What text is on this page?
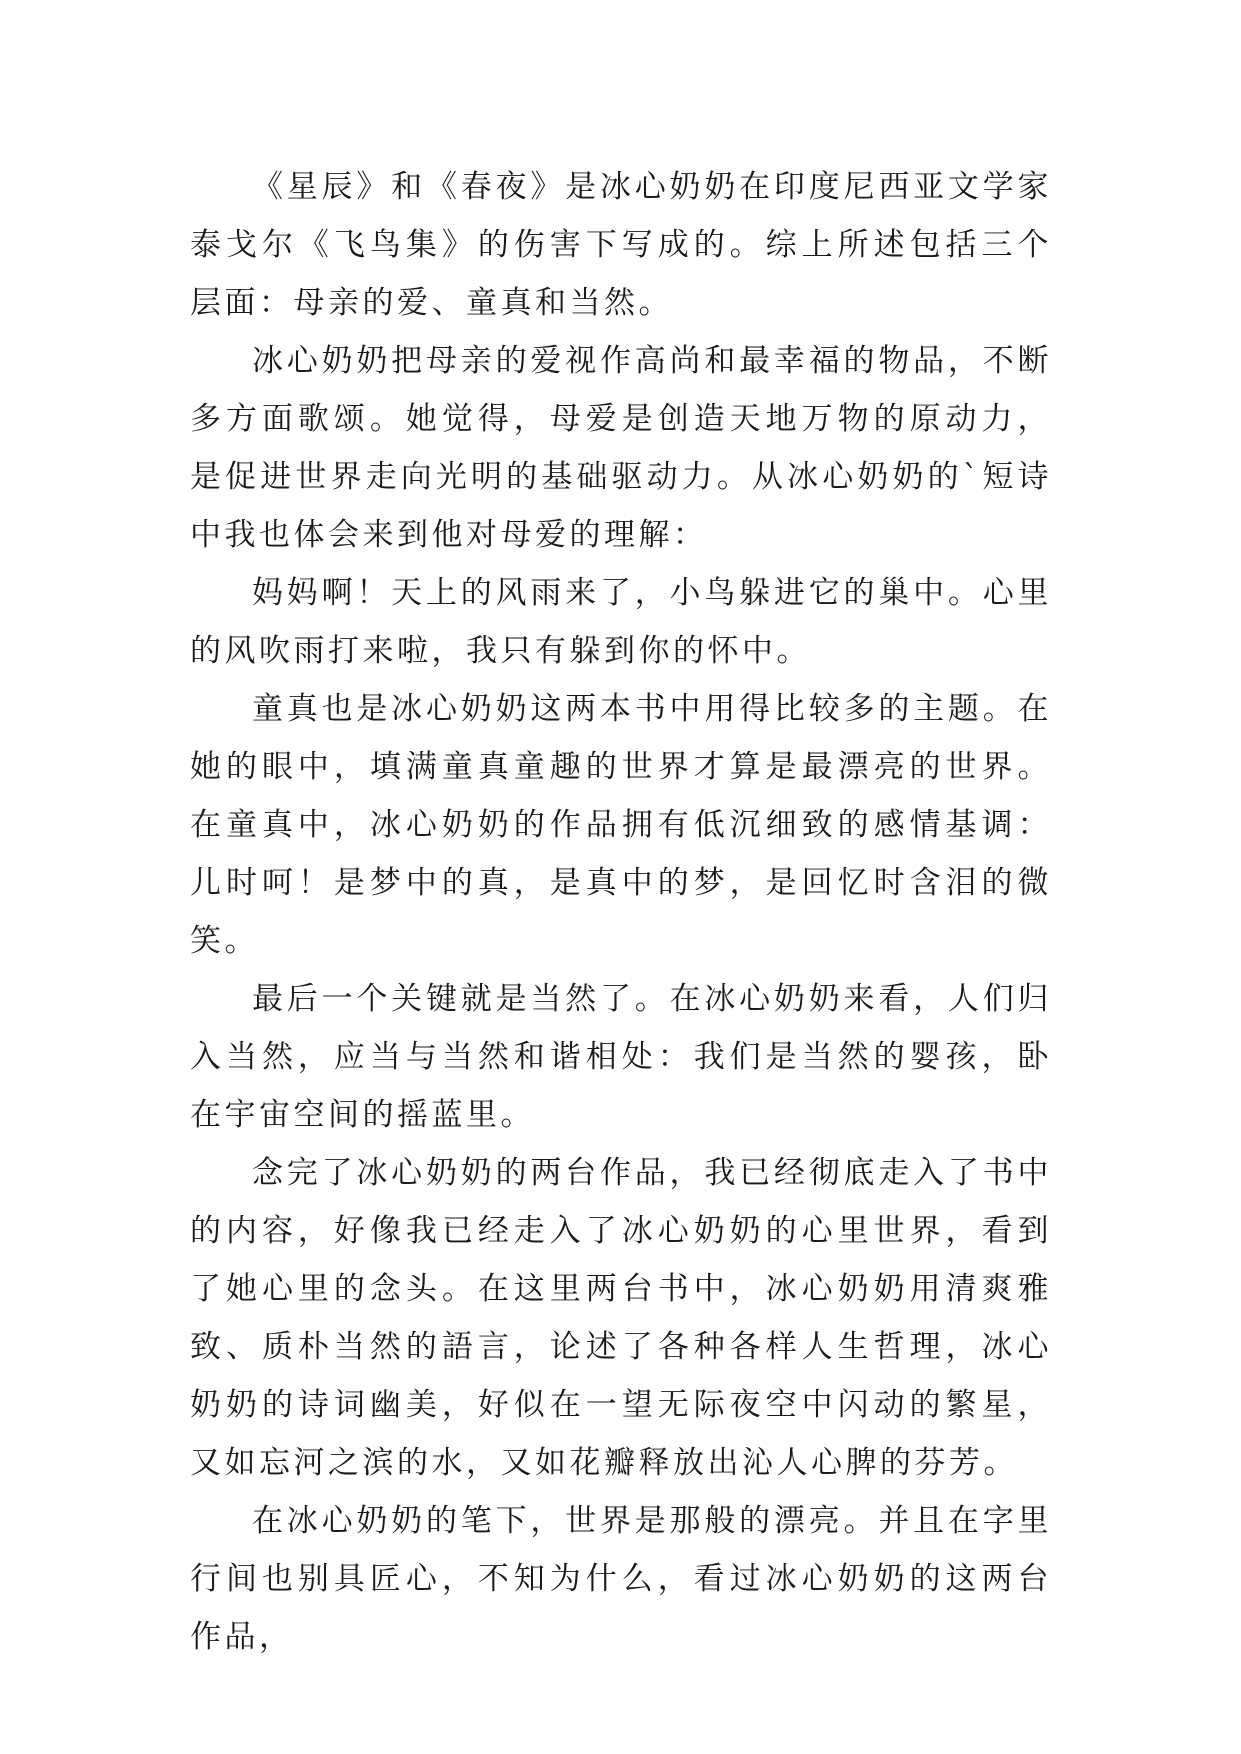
《星辰》和《春夜》是冰心奶奶在印度尼西亚文学家泰戈尔《飞鸟集》的伤害下写成的。综上所述包括三个层面：母亲的爱、童真和当然。

冰心奶奶把母亲的爱视作高尚和最幸福的物品，不断多方面歌颂。她觉得，母爱是创造天地万物的原动力，是促进世界走向光明的基础驱动力。从冰心奶奶的`短诗中我也体会来到他对母爱的理解：

妈妈啊！天上的风雨来了，小鸟躲进它的巢中。心里的风吹雨打来啦，我只有躲到你的怀中。

童真也是冰心奶奶这两本书中用得比较多的主题。在她的眼中，填满童真童趣的世界才算是最漂亮的世界。在童真中，冰心奶奶的作品拥有低沉细致的感情基调：儿时呵！是梦中的真，是真中的梦，是回忆时含泪的微笑。

最后一个关键就是当然了。在冰心奶奶来看，人们归入当然，应当与当然和谐相处：我们是当然的婴孩，卧在宇宙空间的摇蓝里。

念完了冰心奶奶的两台作品，我已经彻底走入了书中的内容，好像我已经走入了冰心奶奶的心里世界，看到了她心里的念头。在这里两台书中，冰心奶奶用清爽雅致、质朴当然的語言，论述了各种各样人生哲理，冰心奶奶的诗词幽美，好似在一望无际夜空中闪动的繁星，又如忘河之滨的水，又如花瓣释放出沁人心脾的芬芳。

在冰心奶奶的笔下，世界是那般的漂亮。并且在字里行间也别具匠心，不知为什么，看过冰心奶奶的这两台作品，
